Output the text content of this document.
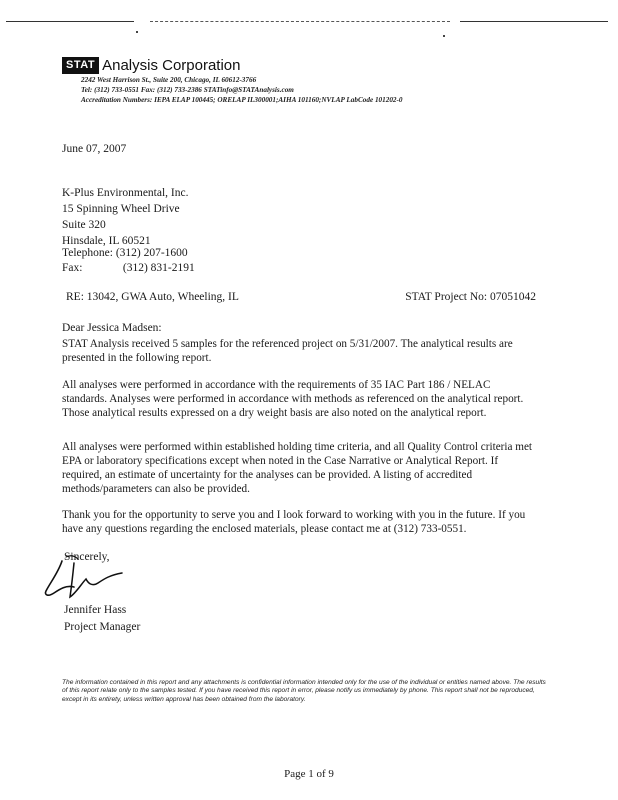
STAT Analysis Corporation
2242 West Harrison St., Suite 200, Chicago, IL 60612-3766
Tel: (312) 733-0551 Fax: (312) 733-2386 STATinfo@STATAnalysis.com
Accreditation Numbers: IEPA ELAP 100445; ORELAP IL300001;AIHA 101160;NVLAP LabCode 101202-0
June 07, 2007
K-Plus Environmental, Inc.
15 Spinning Wheel Drive
Suite 320
Hinsdale, IL 60521
Telephone: (312) 207-1600
Fax:	(312) 831-2191
RE: 13042, GWA Auto, Wheeling, IL	STAT Project No: 07051042
Dear Jessica Madsen:
STAT Analysis received 5 samples for the referenced project on 5/31/2007. The analytical results are presented in the following report.
All analyses were performed in accordance with the requirements of 35 IAC Part 186 / NELAC standards. Analyses were performed in accordance with methods as referenced on the analytical report. Those analytical results expressed on a dry weight basis are also noted on the analytical report.
All analyses were performed within established holding time criteria, and all Quality Control criteria met EPA or laboratory specifications except when noted in the Case Narrative or Analytical Report. If required, an estimate of uncertainty for the analyses can be provided. A listing of accredited methods/parameters can also be provided.
Thank you for the opportunity to serve you and I look forward to working with you in the future. If you have any questions regarding the enclosed materials, please contact me at (312) 733-0551.
Sincerely,
Jennifer Hass
Project Manager
The information contained in this report and any attachments is confidential information intended only for the use of the individual or entities named above. The results of this report relate only to the samples tested. If you have received this report in error, please notify us immediately by phone. This report shall not be reproduced, except in its entirety, unless written approval has been obtained from the laboratory.
Page 1 of 9
